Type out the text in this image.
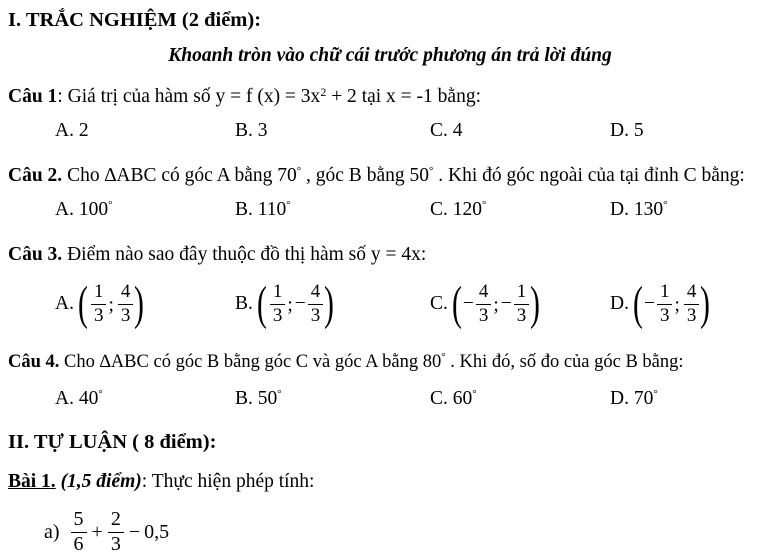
I. TRẮC NGHIỆM (2 điểm):
Khoanh tròn vào chữ cái trước phương án trả lời đúng
Câu 1: Giá trị của hàm số y = f $(x) = 3x^2 + 2$ tại x = -1 bằng:
A. 2	B. 3	C. 4	D. 5
Câu 2. Cho ∆ABC có góc A bằng 70° , góc B bằng 50° . Khi đó góc ngoài của tại đỉnh C bằng:
A. 100°	B. 110°	C. 120°	D. 130°
Câu 3. Điểm nào sao đây thuộc đồ thị hàm số y = 4x:
A. ( $\frac{1}{3}$ ; $\frac{4}{3}$ )	B. ( $\frac{1}{3}$ ; − $\frac{4}{3}$ )	C. ( − $\frac{4}{3}$ ; − $\frac{1}{3}$ )	D. ( − $\frac{1}{3}$ ; $\frac{4}{3}$ )
Câu 4. Cho ∆ABC có góc B bằng góc C và góc A bằng 80° . Khi đó, số đo của góc B bằng:
A. 40°	B. 50°	C. 60°	D. 70°
II. TỰ LUẬN ( 8 điểm):
Bài 1. (1,5 điểm): Thực hiện phép tính:
$a) \frac{5}{6} + \frac{2}{3} - 0,5$
